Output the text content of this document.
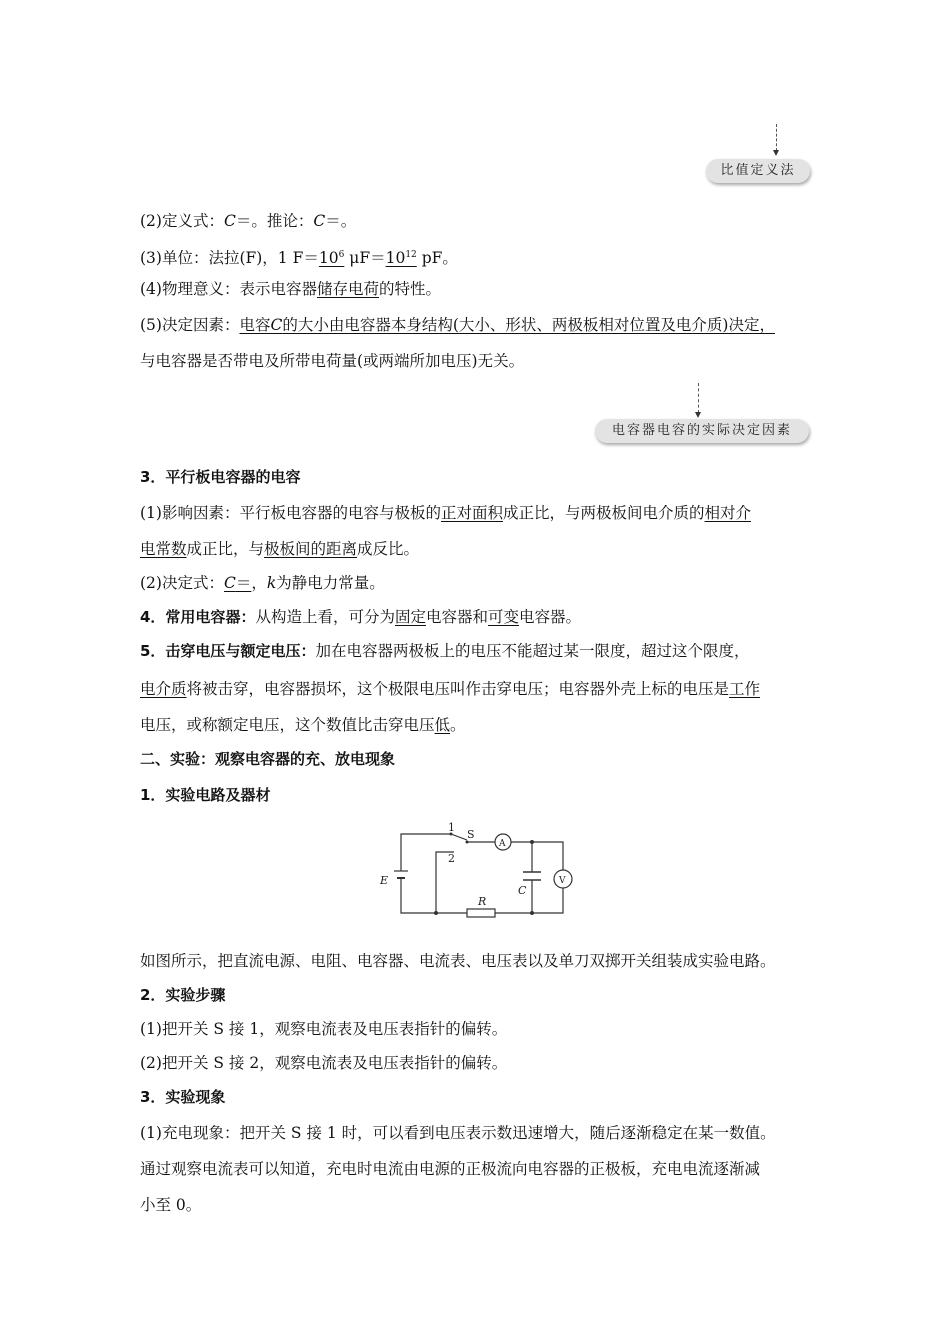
比值定义法
(2)定义式：C＝。推论：C＝。
(3)单位：法拉(F)，1 $F=10^6$ $\mu F=10^{12}$ pF。
(4)物理意义：表示电容器储存电荷的特性。
(5)决定因素：电容C的大小由电容器本身结构(大小、形状、两极板相对位置及电介质)决定，
与电容器是否带电及所带电荷量(或两端所加电压)无关。
电容器电容的实际决定因素
3．平行板电容器的电容
(1)影响因素：平行板电容器的电容与极板的正对面积成正比，与两极板间电介质的相对介
电常数成正比，与极板间的距离成反比。
(2)决定式：C＝，k为静电力常量。
4．常用电容器：从构造上看，可分为固定电容器和可变电容器。
5．击穿电压与额定电压：加在电容器两极板上的电压不能超过某一限度，超过这个限度，
电介质将被击穿，电容器损坏，这个极限电压叫作击穿电压；电容器外壳上标的电压是工作
电压，或称额定电压，这个数值比击穿电压低。
二、实验：观察电容器的充、放电现象
1．实验电路及器材
1
2
S
A
V
E
C
R
如图所示，把直流电源、电阻、电容器、电流表、电压表以及单刀双掷开关组装成实验电路。
2．实验步骤
(1)把开关 S 接 1，观察电流表及电压表指针的偏转。
(2)把开关 S 接 2，观察电流表及电压表指针的偏转。
3．实验现象
(1)充电现象：把开关 S 接 1 时，可以看到电压表示数迅速增大，随后逐渐稳定在某一数值。
通过观察电流表可以知道，充电时电流由电源的正极流向电容器的正极板，充电电流逐渐减
小至 0。
